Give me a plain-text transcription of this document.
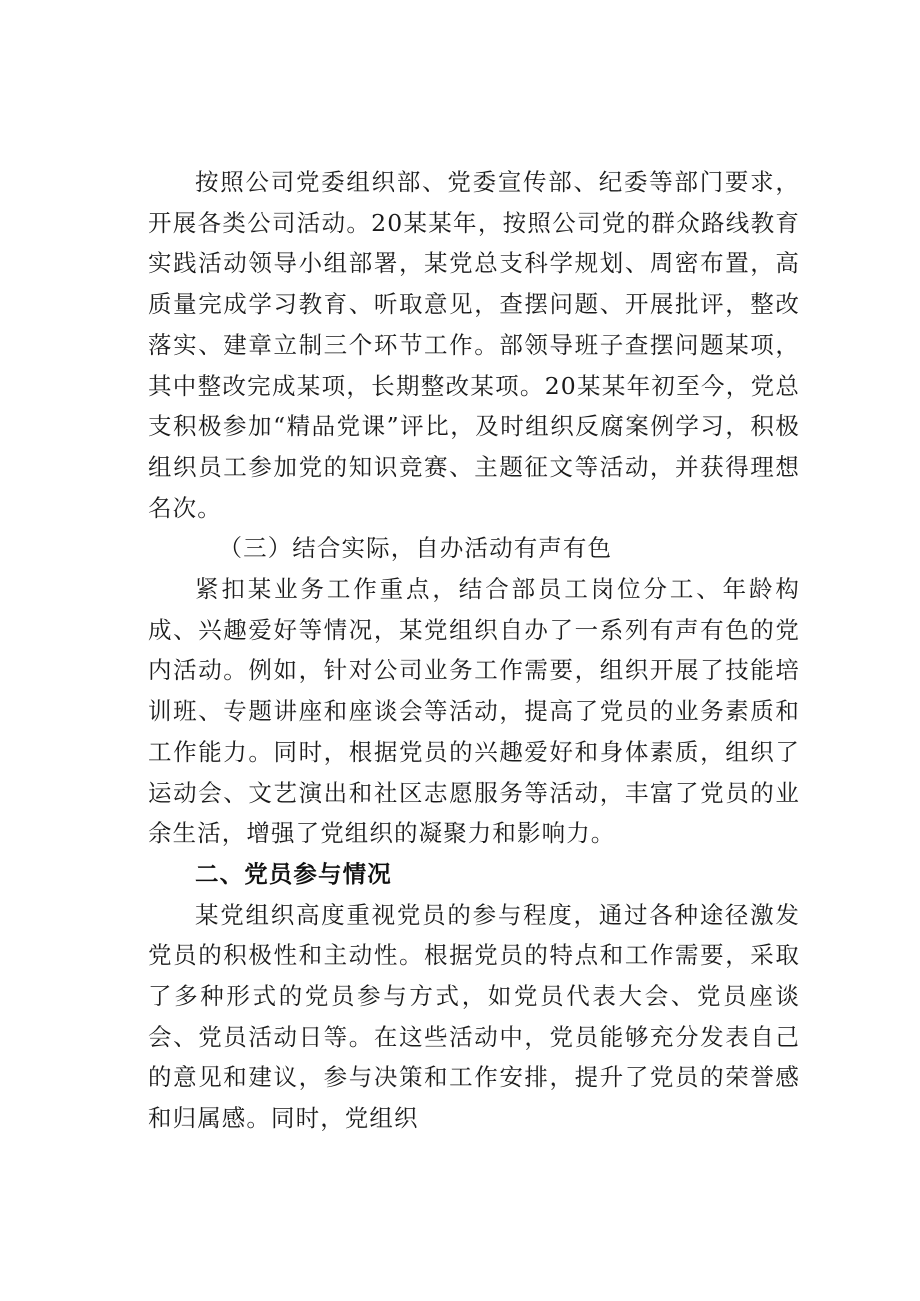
按照公司党委组织部、党委宣传部、纪委等部门要求，开展各类公司活动。20某某年，按照公司党的群众路线教育实践活动领导小组部署，某党总支科学规划、周密布置，高质量完成学习教育、听取意见，查摆问题、开展批评，整改落实、建章立制三个环节工作。部领导班子查摆问题某项，其中整改完成某项，长期整改某项。20某某年初至今，党总支积极参加“精品党课”评比，及时组织反腐案例学习，积极组织员工参加党的知识竞赛、主题征文等活动，并获得理想名次。

（三）结合实际，自办活动有声有色

紧扣某业务工作重点，结合部员工岗位分工、年龄构成、兴趣爱好等情况，某党组织自办了一系列有声有色的党内活动。例如，针对公司业务工作需要，组织开展了技能培训班、专题讲座和座谈会等活动，提高了党员的业务素质和工作能力。同时，根据党员的兴趣爱好和身体素质，组织了运动会、文艺演出和社区志愿服务等活动，丰富了党员的业余生活，增强了党组织的凝聚力和影响力。

二、党员参与情况

某党组织高度重视党员的参与程度，通过各种途径激发党员的积极性和主动性。根据党员的特点和工作需要，采取了多种形式的党员参与方式，如党员代表大会、党员座谈会、党员活动日等。在这些活动中，党员能够充分发表自己的意见和建议，参与决策和工作安排，提升了党员的荣誉感和归属感。同时，党组织
